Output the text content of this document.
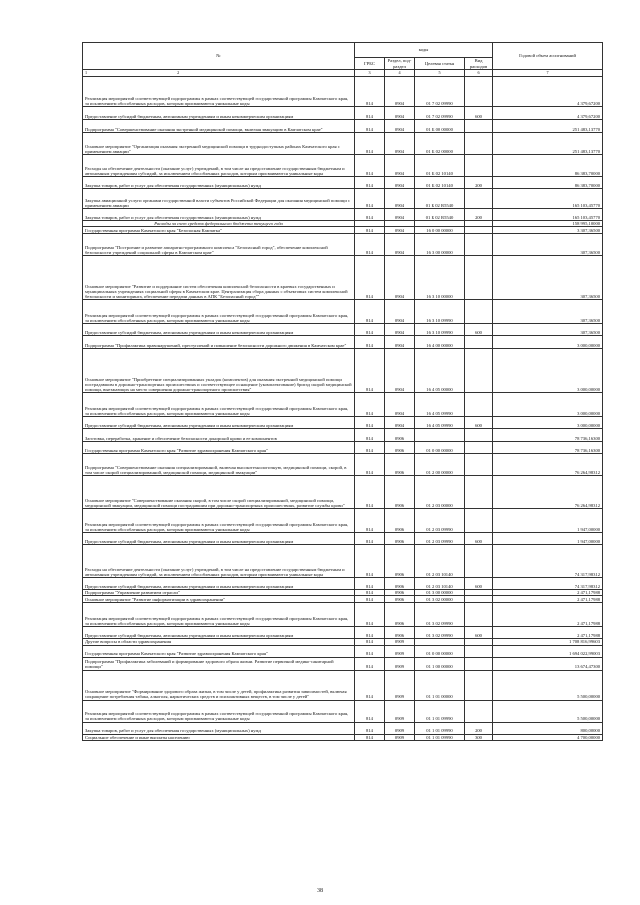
№	коды				Годовой объем ассигнований
	ГРБС	Раздел, под-раздел	Целевая статья	Вид расходов	

1 2	3	4	5	6	7
Реализация мероприятий соответствующей подпрограммы в рамках соответствующей государственной программы Камчатского края, за исключением обособленных расходов, которым присваиваются уникальные коды	814	0904	01 7 02 09990		4 379,67200
Предоставление субсидий бюджетным, автономным учреждениям и иным некоммерческим организациям	814	0904	01 7 02 09990	600	4 379,67200
Подпрограмма "Совершенствование оказания экстренной медицинской помощи, включая эвакуацию в Камчатском крае"	814	0904	01 Б 00 00000		251 483,13770
Основное мероприятие "Организация оказания экстренной медицинской помощи в труднодоступных районах Камчатского края с применением авиации"	814	0904	01 Б 02 00000		251 483,13770
Расходы на обеспечение деятельности (оказание услуг) учреждений, в том числе на предоставление государственным бюджетным и автономным учреждениям субсидий, за исключением обособленных расходов, которым присваиваются уникальные коды	814	0904	01 Б 02 10140		86 383,70000
Закупка товаров, работ и услуг для обеспечения государственных (муниципальных) нужд	814	0904	01 Б 02 10140	200	86 383,70000
Закупка авиационной услуги органами государственной власти субъектов Российской Федерации для оказания медицинской помощи с применением авиации	814	0904	01 Б 02 R5540		165 103,45770
Закупка товаров, работ и услуг для обеспечения государственных (муниципальных) нужд	814	0904	01 Б 02 R5540	200	165 103,45770
Расходы за счет средств федерального бюджета текущего года					158 995,10000
Государственная программа Камчатского края "Безопасная Камчатка"	814	0904	16 0 00 00000		3 307,36500
Подпрограмма "Построение и развитие аппаратно-программного комплекса "Безопасный город", обеспечение комплексной безопасности учреждений социальной сферы в Камчатском крае"	814	0904	16 3 00 00000		307,36500
Основное мероприятие "Развитие и поддержание систем обеспечения комплексной безопасности в краевых государственных и муниципальных учреждениях социальной сферы в Камчатском крае. Централизация сбора данных с объектовых систем комплексной безопасности и мониторинга, обеспечение передачи данных в АПК "Безопасный город""	814	0904	16 3 10 00000		307,36500
Реализация мероприятий соответствующей подпрограммы в рамках соответствующей государственной программы Камчатского края, за исключением обособленных расходов, которым присваиваются уникальные коды	814	0904	16 3 10 09990		307,36500
Предоставление субсидий бюджетным, автономным учреждениям и иным некоммерческим организациям	814	0904	16 3 10 09990	600	307,36500
Подпрограмма "Профилактика правонарушений, преступлений и повышение безопасности дорожного движения в Камчатском крае"	814	0904	16 4 00 00000		3 000,00000
Основное мероприятие "Приобретение специализированных укладок (комплектов) для оказания экстренной медицинской помощи пострадавшим в дорожно-транспортных происшествиях и соответствующее оснащение (укомплектование) бригад скорой медицинской помощи, выезжающих на место совершения дорожно-транспортного происшествия"	814	0904	16 4 05 00000		3 000,00000
Реализация мероприятий соответствующей подпрограммы в рамках соответствующей государственной программы Камчатского края, за исключением обособленных расходов, которым присваиваются уникальные коды	814	0904	16 4 05 09990		3 000,00000
Предоставление субсидий бюджетным, автономным учреждениям и иным некоммерческим организациям	814	0904	16 4 05 09990	600	3 000,00000
Заготовка, переработка, хранение и обеспечение безопасности донорской крови и ее компонентов	814	0906			78 736,16300
Государственная программа Камчатского края "Развитие здравоохранения Камчатского края"	814	0906	01 0 00 00000		78 736,16300
Подпрограмма "Совершенствование оказания специализированной, включая высокотехнологичную, медицинской помощи, скорой, в том числе скорой специализированной, медицинской помощи, медицинской эвакуации"	814	0906	01 2 00 00000		76 264,98312
Основное мероприятие "Совершенствование оказания скорой, в том числе скорой специализированной, медицинской помощи, медицинской эвакуации, медицинской помощи пострадавшим при дорожно-транспортных происшествиях, развитие службы крови"	814	0906	01 2 03 00000		76 264,98312
Реализация мероприятий соответствующей подпрограммы в рамках соответствующей государственной программы Камчатского края, за исключением обособленных расходов, которым присваиваются уникальные коды	814	0906	01 2 03 09990		1 947,00000
Предоставление субсидий бюджетным, автономным учреждениям и иным некоммерческим организациям	814	0906	01 2 03 09990	600	1 947,00000
Расходы на обеспечение деятельности (оказание услуг) учреждений, в том числе на предоставление государственным бюджетным и автономным учреждениям субсидий, за исключением обособленных расходов, которым присваиваются уникальные коды	814	0906	01 2 03 10140		74 317,98312
Предоставление субсидий бюджетным, автономным учреждениям и иным некоммерческим организациям	814	0906	01 2 03 10140	600	74 317,98312
Подпрограмма "Управление развитием отрасли"	814	0906	01 3 00 00000		2 471,17988
Основное мероприятие "Развитие информатизации в здравоохранении"	814	0906	01 3 02 00000		2 471,17988
Реализация мероприятий соответствующей подпрограммы в рамках соответствующей государственной программы Камчатского края, за исключением обособленных расходов, которым присваиваются уникальные коды	814	0906	01 3 02 09990		2 471,17988
Предоставление субсидий бюджетным, автономным учреждениям и иным некоммерческим организациям	814	0906	01 3 02 09990	600	2 471,17988
Другие вопросы в области здравоохранения	814	0909			1 708 816,99603
Государственная программа Камчатского края "Развитие здравоохранения Камчатского края"	814	0909	01 0 00 00000		1 694 022,99003
Подпрограмма "Профилактика заболеваний и формирование здорового образа жизни. Развитие первичной медико-санитарной помощи"	814	0909	01 1 00 00000		13 674,47300
Основное мероприятие "Формирование здорового образа жизни, в том числе у детей, профилактика развития зависимостей, включая сокращение потребления табака, алкоголя, наркотических средств и психоактивных веществ, в том числе у детей"	814	0909	01 1 01 00000		5 500,00000
Реализация мероприятий соответствующей подпрограммы в рамках соответствующей государственной программы Камчатского края, за исключением обособленных расходов, которым присваиваются уникальные коды	814	0909	01 1 01 09990		5 500,00000
Закупка товаров, работ и услуг для обеспечения государственных (муниципальных) нужд	814	0909	01 1 01 09990	200	800,00000
Социальное обеспечение и иные выплаты населению	814	0909	01 1 01 09990	300	4 700,00000
38
